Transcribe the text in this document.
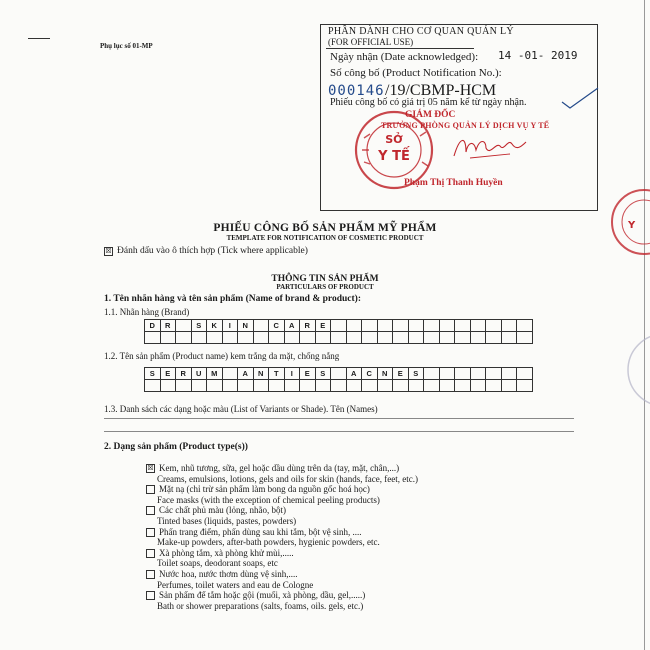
Phụ lục số 01-MP
PHẦN DÀNH CHO CƠ QUAN QUẢN LÝ
(FOR OFFICIAL USE)
Ngày nhận (Date acknowledged): 14 -01- 2019
Số công bố (Product Notification No.):
000146 /19/CBMP-HCM
Phiếu công bố có giá trị 05 năm kể từ ngày nhận.
SỞ
Y TẾ
GIÁM ĐỐC
TRƯỞNG PHÒNG QUẢN LÝ DỊCH VỤ Y TẾ
Phạm Thị Thanh Huyền
Y
PHIẾU CÔNG BỐ SẢN PHẨM MỸ PHẨM
TEMPLATE FOR NOTIFICATION OF COSMETIC PRODUCT
☒ Đánh dấu vào ô thích hợp (Tick where applicable)
THÔNG TIN SẢN PHẨM
PARTICULARS OF PRODUCT
1. Tên nhãn hàng và tên sản phẩm (Name of brand & product):
1.1. Nhãn hàng (Brand)
D	R	S	K	I	N	C	A	R	E
1.2. Tên sản phẩm (Product name) kem trắng da mặt, chống nắng
S	E	R	U	M	A	N	T	I	E	S	A	C	N	E	S
1.3. Danh sách các dạng hoặc màu (List of Variants or Shade). Tên (Names)
2. Dạng sản phẩm (Product type(s))
☒ Kem, nhũ tương, sữa, gel hoặc dầu dùng trên da (tay, mặt, chân,...)
Creams, emulsions, lotions, gels and oils for skin (hands, face, feet, etc.)
Mặt nạ (chỉ trừ sản phẩm làm bong da nguồn gốc hoá học)
Face masks (with the exception of chemical peeling products)
Các chất phủ màu (lỏng, nhão, bột)
Tinted bases (liquids, pastes, powders)
Phấn trang điểm, phấn dùng sau khi tắm, bột vệ sinh, ....
Make-up powders, after-bath powders, hygienic powders, etc.
Xà phòng tắm, xà phòng khử mùi,.....
Toilet soaps, deodorant soaps, etc
Nước hoa, nước thơm dùng vệ sinh,....
Perfumes, toilet waters and eau de Cologne
Sản phẩm để tắm hoặc gội (muối, xà phòng, dầu, gel,.....)
Bath or shower preparations (salts, foams, oils. gels, etc.)
